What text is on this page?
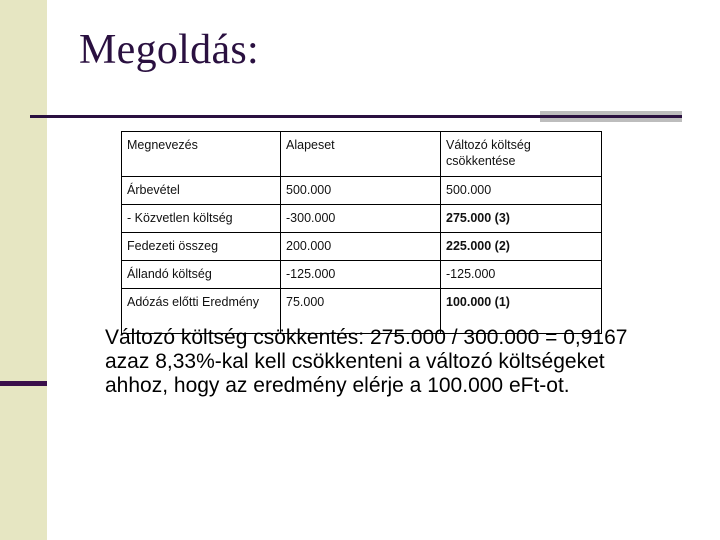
Megoldás:
Megnevezés	Alapeset	Változó költség csökkentése
Árbevétel	500.000	500.000
- Közvetlen költség	-300.000	275.000 (3)
Fedezeti összeg	200.000	225.000 (2)
Állandó költség	-125.000	-125.000
Adózás előtti Eredmény	75.000	100.000 (1)

Változó költség csökkentés: 275.000 / 300.000 = 0,9167 azaz 8,33%-kal kell csökkenteni a változó költségeket ahhoz, hogy az eredmény elérje a 100.000 eFt-ot.
